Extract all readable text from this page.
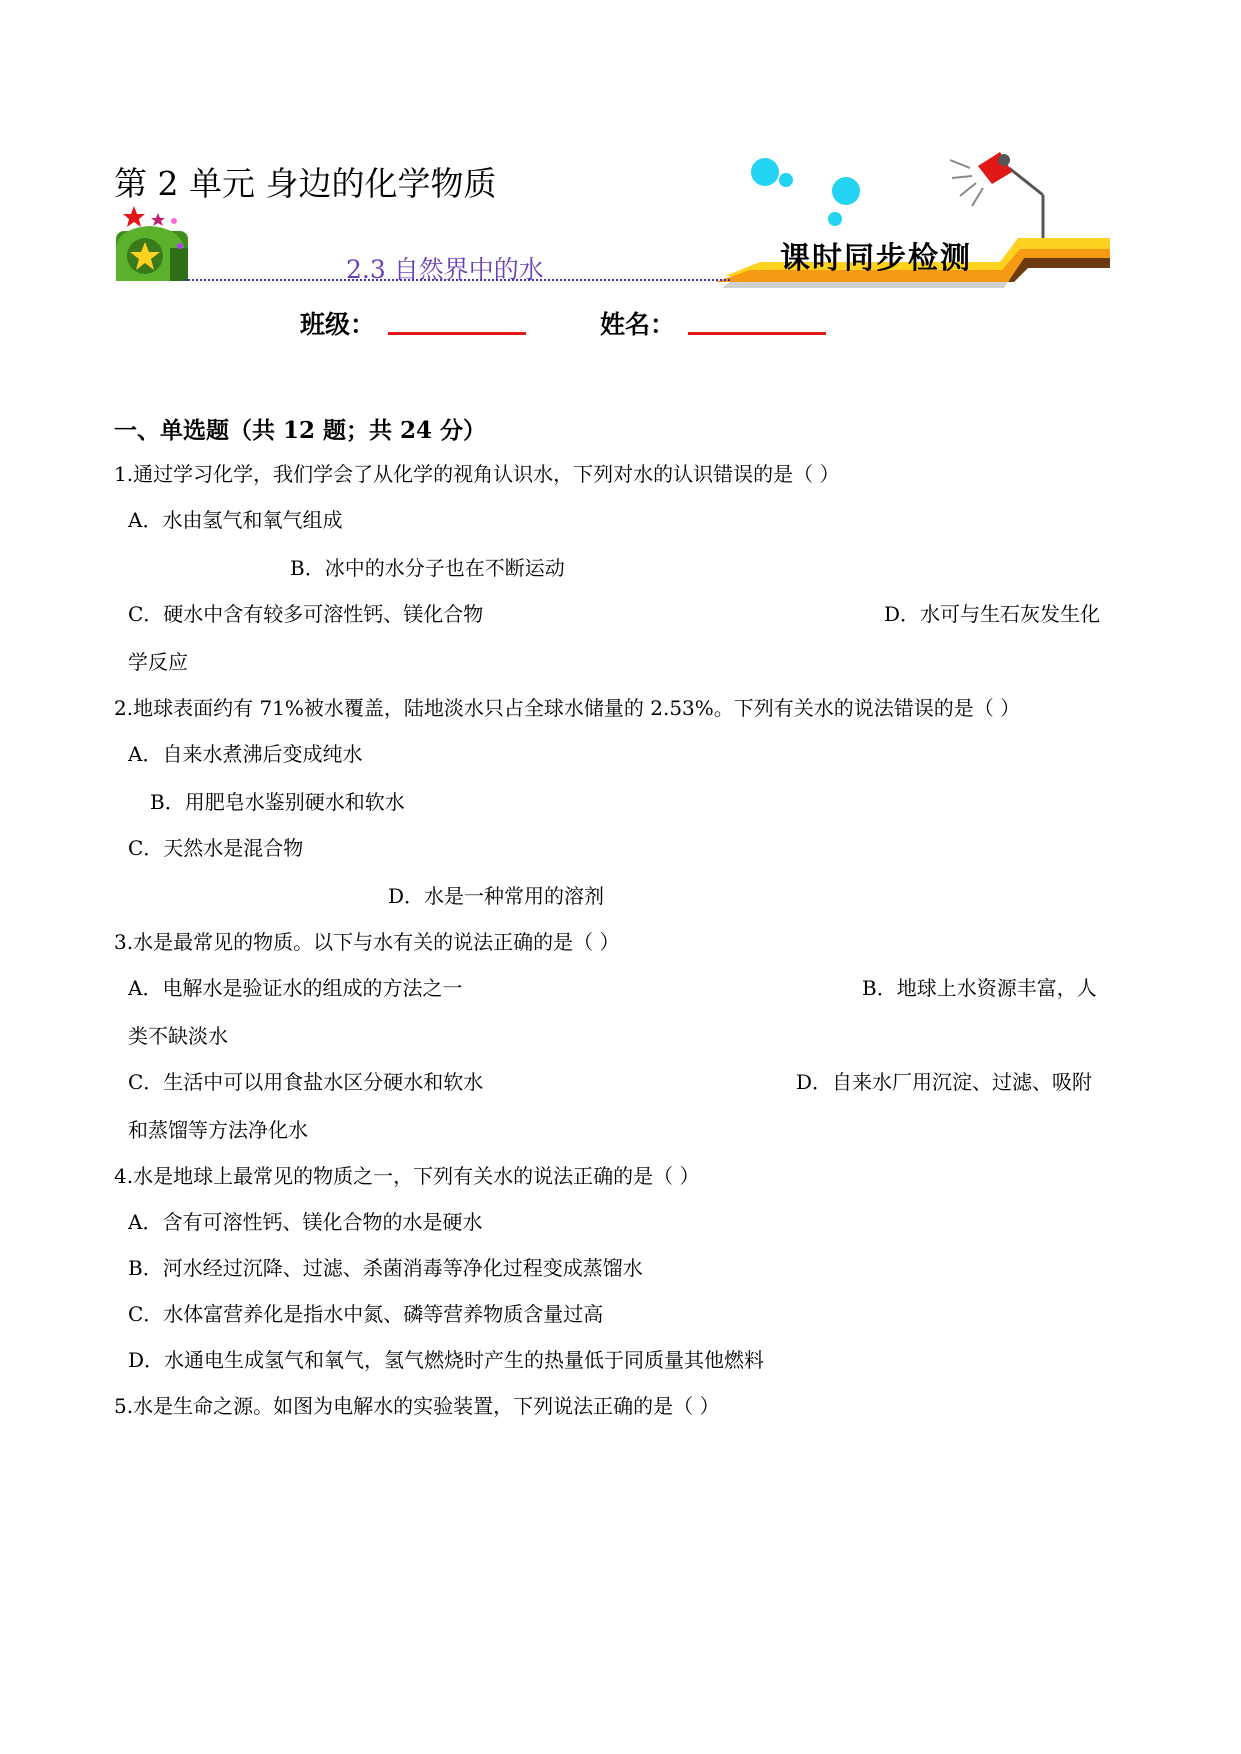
第 2 单元 身边的化学物质
2.3 自然界中的水	课时同步检测
班级：	姓名：
一、单选题（共 12 题；共 24 分）
1.通过学习化学，我们学会了从化学的视角认识水，下列对水的认识错误的是（ ）
A．水由氢气和氧气组成
B．冰中的水分子也在不断运动
C．硬水中含有较多可溶性钙、镁化合物	D．水可与生石灰发生化
学反应
2.地球表面约有 71%被水覆盖，陆地淡水只占全球水储量的 2.53%。下列有关水的说法错误的是（ ）
A．自来水煮沸后变成纯水
B．用肥皂水鉴别硬水和软水
C．天然水是混合物
D．水是一种常用的溶剂
3.水是最常见的物质。以下与水有关的说法正确的是（ ）
A．电解水是验证水的组成的方法之一	B．地球上水资源丰富，人
类不缺淡水
C．生活中可以用食盐水区分硬水和软水	D．自来水厂用沉淀、过滤、吸附
和蒸馏等方法净化水
4.水是地球上最常见的物质之一，下列有关水的说法正确的是（ ）
A．含有可溶性钙、镁化合物的水是硬水
B．河水经过沉降、过滤、杀菌消毒等净化过程变成蒸馏水
C．水体富营养化是指水中氮、磷等营养物质含量过高
D．水通电生成氢气和氧气，氢气燃烧时产生的热量低于同质量其他燃料
5.水是生命之源。如图为电解水的实验装置，下列说法正确的是（ ）
